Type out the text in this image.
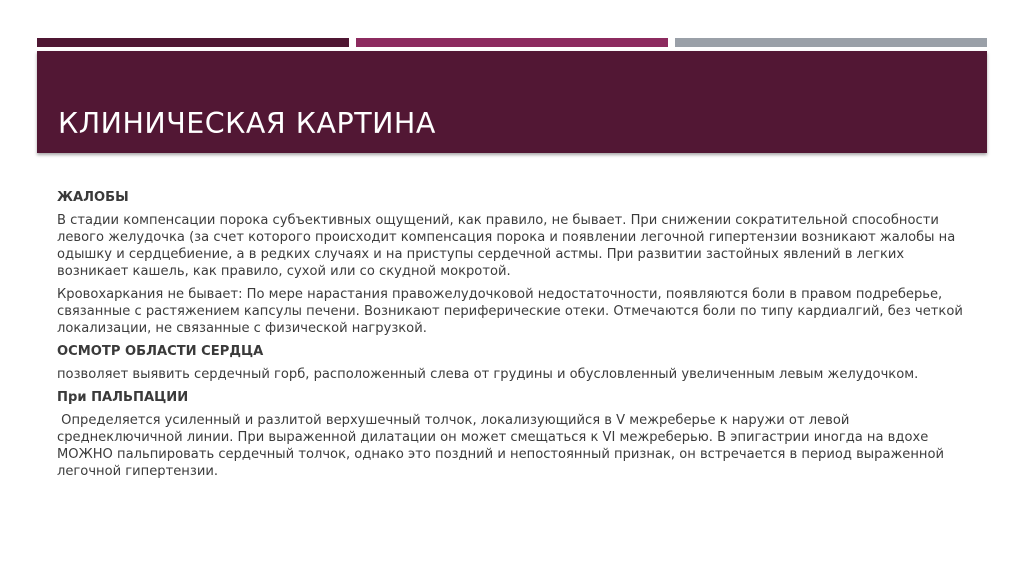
КЛИНИЧЕСКАЯ КАРТИНА

ЖАЛОБЫ

В стадии компенсации порока субъективных ощущений, как правило, не бывает. При снижении сократительной способности левого желудочка (за счет которого происходит компенсация порока и появлении легочной гипертензии возникают жалобы на одышку и сердцебиение, а в редких случаях и на приступы сердечной астмы. При развитии застойных явлений в легких возникает кашель, как правило, сухой или со скудной мокротой.

Кровохаркания не бывает: По мере нарастания правожелудочковой недостаточности, появляются боли в правом подреберье, связанные с растяжением капсулы печени. Возникают периферические отеки. Отмечаются боли по типу кардиалгий, без четкой локализации, не связанные с физической нагрузкой.

ОСМОТР ОБЛАСТИ СЕРДЦА

позволяет выявить сердечный горб, расположенный слева от грудины и обусловленный увеличенным левым желудочком.

При ПАЛЬПАЦИИ

Определяется усиленный и разлитой верхушечный толчок, локализующийся в V межреберье к наружи от левой среднеключичной линии. При выраженной дилатации он может смещаться к VI межреберью. В эпигастрии иногда на вдохе МОЖНО пальпировать сердечный толчок, однако это поздний и непостоянный признак, он встречается в период выраженной легочной гипертензии.
